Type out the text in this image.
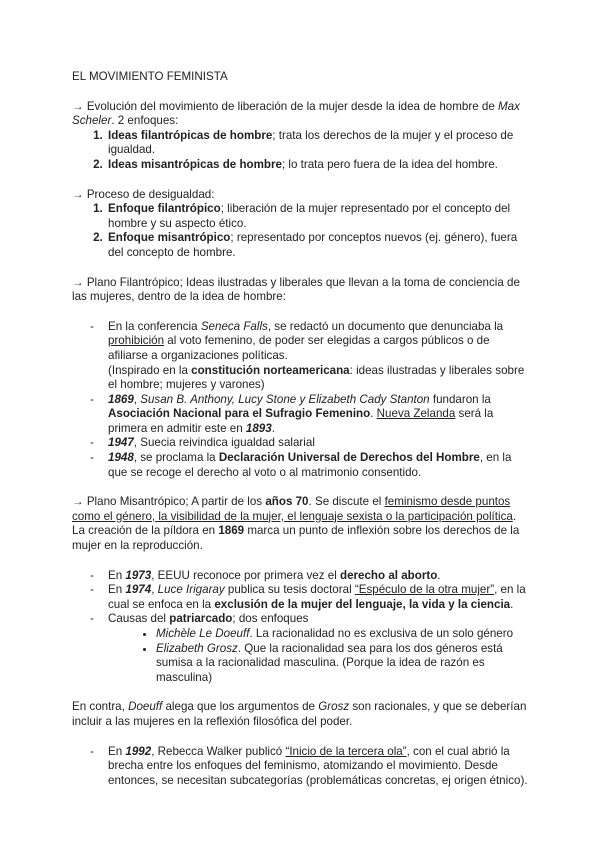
EL MOVIMIENTO FEMINISTA

→ Evolución del movimiento de liberación de la mujer desde la idea de hombre de Max Scheler. 2 enfoques:

1. Ideas filantrópicas de hombre; trata los derechos de la mujer y el proceso de igualdad.
2. Ideas misantrópicas de hombre; lo trata pero fuera de la idea del hombre.

→ Proceso de desigualdad:

1. Enfoque filantrópico; liberación de la mujer representado por el concepto del hombre y su aspecto ético.
2. Enfoque misantrópico; representado por conceptos nuevos (ej. género), fuera del concepto de hombre.

→ Plano Filantrópico; Ideas ilustradas y liberales que llevan a la toma de conciencia de las mujeres, dentro de la idea de hombre:

- En la conferencia Seneca Falls, se redactó un documento que denunciaba la prohibición al voto femenino, de poder ser elegidas a cargos públicos o de afiliarse a organizaciones políticas.
(Inspirado en la constitución norteamericana: ideas ilustradas y liberales sobre el hombre; mujeres y varones)
- 1869, Susan B. Anthony, Lucy Stone y Elizabeth Cady Stanton fundaron la Asociación Nacional para el Sufragio Femenino. Nueva Zelanda será la primera en admitir este en 1893.
- 1947, Suecia reivindica igualdad salarial
- 1948, se proclama la Declaración Universal de Derechos del Hombre, en la que se recoge el derecho al voto o al matrimonio consentido.

→ Plano Misantrópico; A partir de los años 70. Se discute el feminismo desde puntos como el género, la visibilidad de la mujer, el lenguaje sexista o la participación política.

La creación de la píldora en 1869 marca un punto de inflexión sobre los derechos de la mujer en la reproducción.

- En 1973, EEUU reconoce por primera vez el derecho al aborto.
- En 1974, Luce Irigaray publica su tesis doctoral “Espéculo de la otra mujer”, en la cual se enfoca en la exclusión de la mujer del lenguaje, la vida y la ciencia.
- Causas del patriarcado; dos enfoques
• Michèle Le Doeuff. La racionalidad no es exclusiva de un solo género
• Elizabeth Grosz. Que la racionalidad sea para los dos géneros está sumisa a la racionalidad masculina. (Porque la idea de razón es masculina)

En contra, Doeuff alega que los argumentos de Grosz son racionales, y que se deberían incluir a las mujeres en la reflexión filosófica del poder.

- En 1992, Rebecca Walker publicó “Inicio de la tercera ola”, con el cual abrió la brecha entre los enfoques del feminismo, atomizando el movimiento. Desde entonces, se necesitan subcategorías (problemáticas concretas, ej origen étnico).
